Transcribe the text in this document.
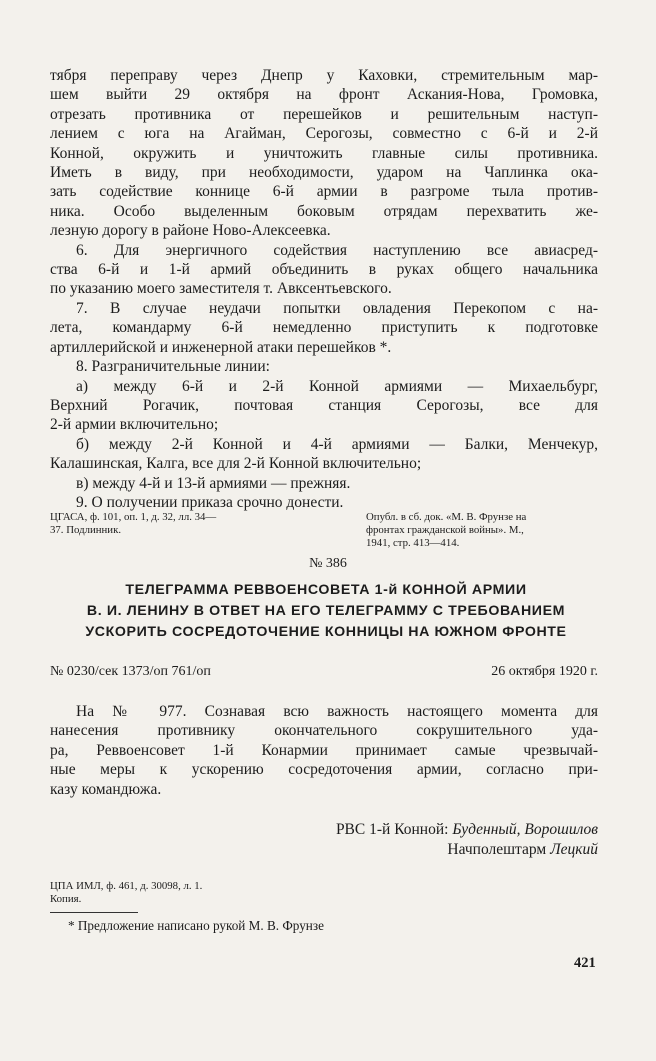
тября переправу через Днепр у Каховки, стремительным мар-

шем выйти 29 октября на фронт Аскания-Нова, Громовка,

отрезать противника от перешейков и решительным наступ-

лением с юга на Агайман, Серогозы, совместно с 6-й и 2-й

Конной, окружить и уничтожить главные силы противника.

Иметь в виду, при необходимости, ударом на Чаплинка ока-

зать содействие коннице 6-й армии в разгроме тыла против-

ника. Особо выделенным боковым отрядам перехватить же-

лезную дорогу в районе Ново-Алексеевка.

6. Для энергичного содействия наступлению все авиасред-

ства 6-й и 1-й армий объединить в руках общего начальника

по указанию моего заместителя т. Авксентьевского.

7. В случае неудачи попытки овладения Перекопом с на-

лета, командарму 6-й немедленно приступить к подготовке

артиллерийской и инженерной атаки перешейков *.

8. Разграничительные линии:

а) между 6-й и 2-й Конной армиями — Михаельбург,

Верхний Рогачик, почтовая станция Серогозы, все для

2-й армии включительно;

б) между 2-й Конной и 4-й армиями — Балки, Менчекур,

Калашинская, Калга, все для 2-й Конной включительно;

в) между 4-й и 13-й армиями — прежняя.

9. О получении приказа срочно донести.

ЦГАСА, ф. 101, оп. 1, д. 32, лл. 34—
37. Подлинник.
Опубл. в сб. док. «М. В. Фрунзе на
фронтах гражданской войны». М.,
1941, стр. 413—414.
№ 386
ТЕЛЕГРАММА РЕВВОЕНСОВЕТА 1-й КОННОЙ АРМИИ
В. И. ЛЕНИНУ В ОТВЕТ НА ЕГО ТЕЛЕГРАММУ С ТРЕБОВАНИЕМ
УСКОРИТЬ СОСРЕДОТОЧЕНИЕ КОННИЦЫ НА ЮЖНОМ ФРОНТЕ
№ 0230/сек 1373/оп 761/оп	26 октября 1920 г.

На № 977. Сознавая всю важность настоящего момента для

нанесения противнику окончательного сокрушительного уда-

ра, Реввоенсовет 1-й Конармии принимает самые чрезвычай-

ные меры к ускорению сосредоточения армии, согласно при-

казу командюжа.

РВС 1-й Конной: Буденный, Ворошилов
Начполештарм Лецкий
ЦПА ИМЛ, ф. 461, д. 30098, л. 1.
Копия.
* Предложение написано рукой М. В. Фрунзе
421
